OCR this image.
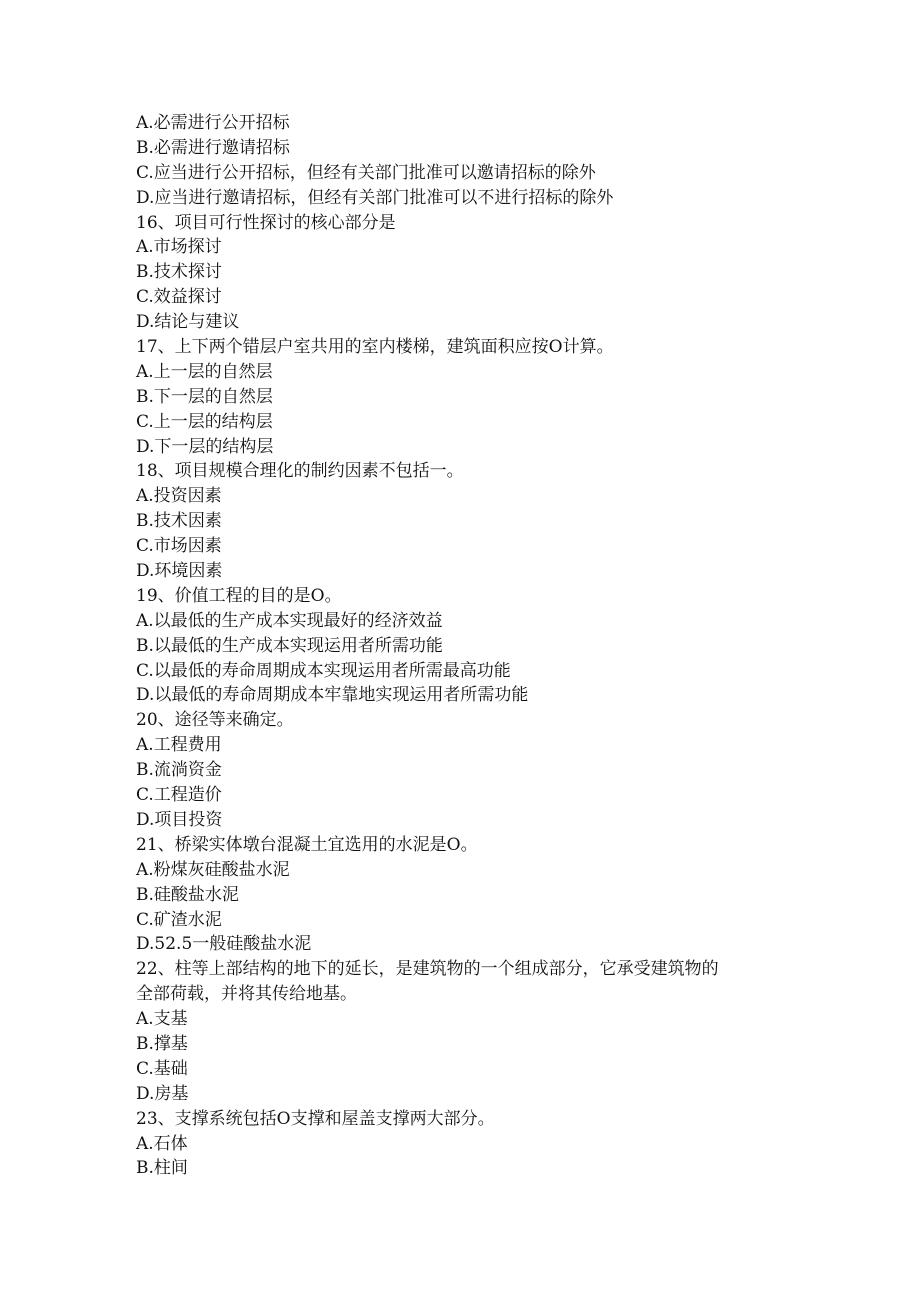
A.必需进行公开招标
B.必需进行邀请招标
C.应当进行公开招标，但经有关部门批准可以邀请招标的除外
D.应当进行邀请招标，但经有关部门批准可以不进行招标的除外
16、项目可行性探讨的核心部分是
A.市场探讨
B.技术探讨
C.效益探讨
D.结论与建议
17、上下两个错层户室共用的室内楼梯，建筑面积应按O计算。
A.上一层的自然层
B.下一层的自然层
C.上一层的结构层
D.下一层的结构层
18、项目规模合理化的制约因素不包括一。
A.投资因素
B.技术因素
C.市场因素
D.环境因素
19、价值工程的目的是O。
A.以最低的生产成本实现最好的经济效益
B.以最低的生产成本实现运用者所需功能
C.以最低的寿命周期成本实现运用者所需最高功能
D.以最低的寿命周期成本牢靠地实现运用者所需功能
20、途径等来确定。
A.工程费用
B.流淌资金
C.工程造价
D.项目投资
21、桥梁实体墩台混凝土宜选用的水泥是O。
A.粉煤灰硅酸盐水泥
B.硅酸盐水泥
C.矿渣水泥
D.52.5一般硅酸盐水泥
22、柱等上部结构的地下的延长，是建筑物的一个组成部分，它承受建筑物的
全部荷载，并将其传给地基。
A.支基
B.撑基
C.基础
D.房基
23、支撑系统包括O支撑和屋盖支撑两大部分。
A.石体
B.柱间
